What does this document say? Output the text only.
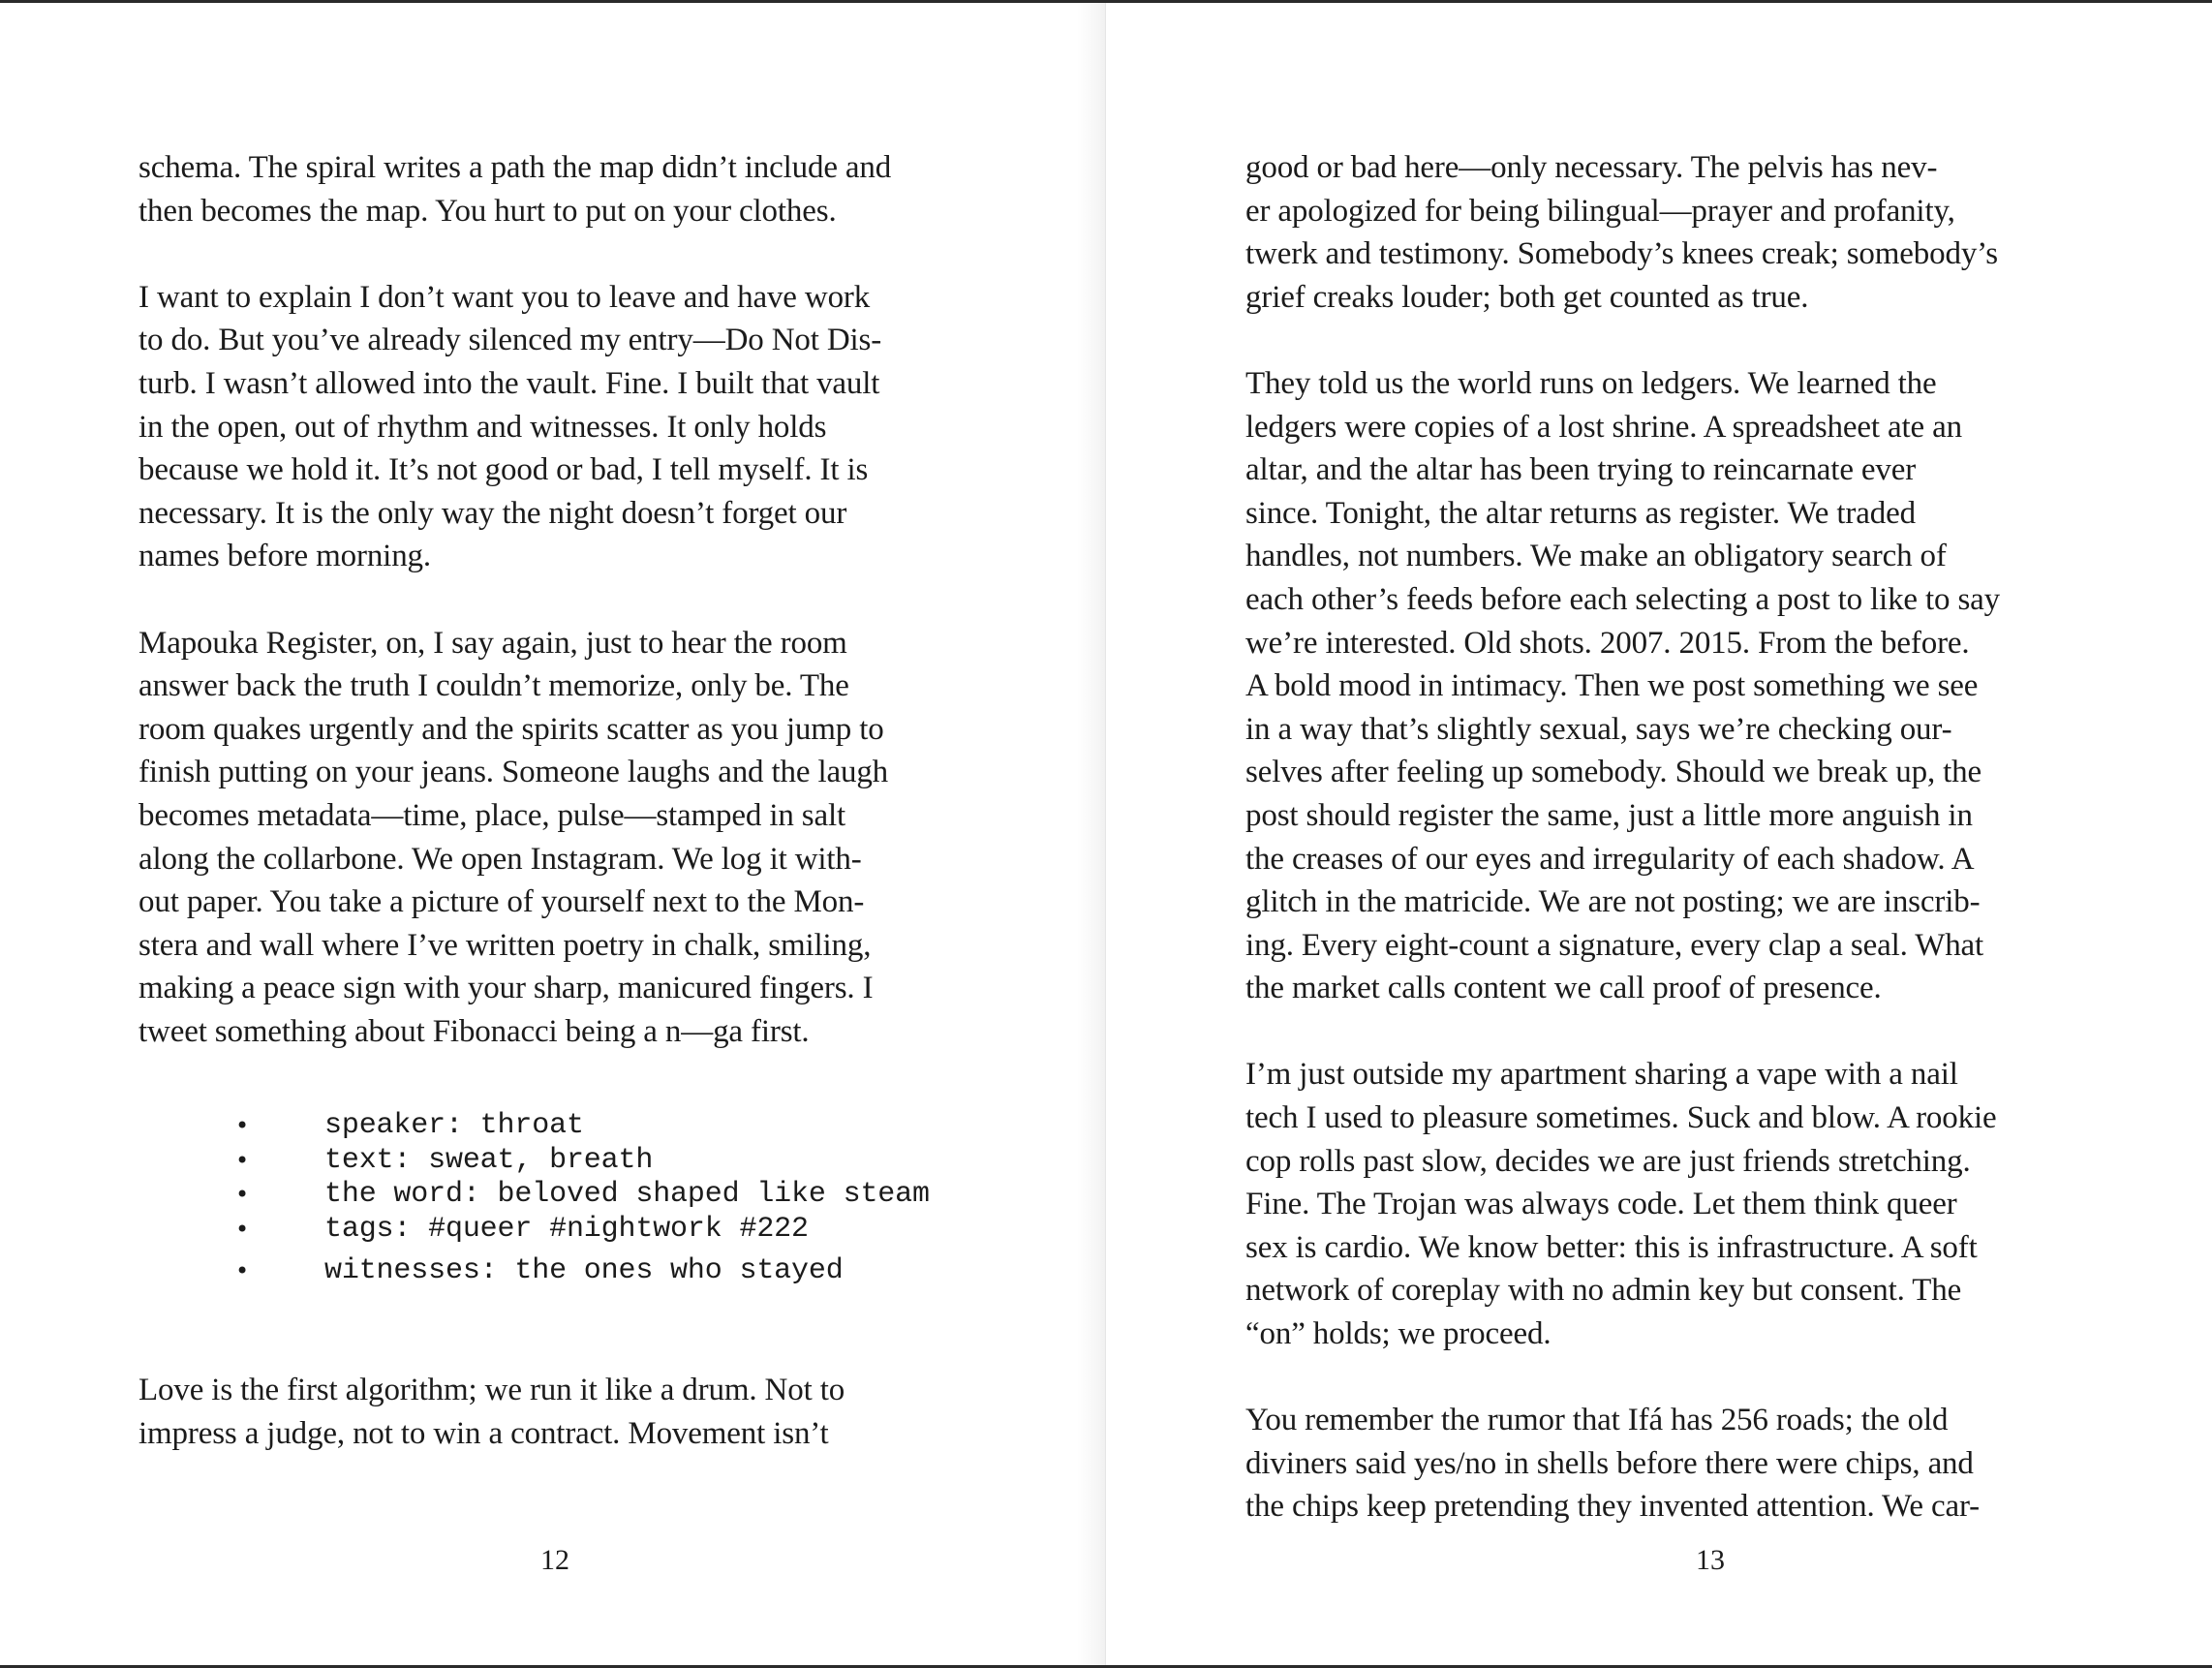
schema. The spiral writes a path the map didn’t include and
then becomes the map. You hurt to put on your clothes.

I want to explain I don’t want you to leave and have work
to do. But you’ve already silenced my entry—Do Not Dis-
turb. I wasn’t allowed into the vault. Fine. I built that vault
in the open, out of rhythm and witnesses. It only holds
because we hold it. It’s not good or bad, I tell myself. It is
necessary. It is the only way the night doesn’t forget our
names before morning.

Mapouka Register, on, I say again, just to hear the room
answer back the truth I couldn’t memorize, only be. The
room quakes urgently and the spirits scatter as you jump to
finish putting on your jeans. Someone laughs and the laugh
becomes metadata—time, place, pulse—stamped in salt
along the collarbone. We open Instagram. We log it with-
out paper. You take a picture of yourself next to the Mon-
stera and wall where I’ve written poetry in chalk, smiling,
making a peace sign with your sharp, manicured fingers. I
tweet something about Fibonacci being a n—ga first.

•	speaker: throat
•	text: sweat, breath
•	the word: beloved shaped like steam
•	tags: #queer #nightwork #222
•	witnesses: the ones who stayed

Love is the first algorithm; we run it like a drum. Not to
impress a judge, not to win a contract. Movement isn’t

12

good or bad here—only necessary. The pelvis has nev-
er apologized for being bilingual—prayer and profanity,
twerk and testimony. Somebody’s knees creak; somebody’s
grief creaks louder; both get counted as true.

They told us the world runs on ledgers. We learned the
ledgers were copies of a lost shrine. A spreadsheet ate an
altar, and the altar has been trying to reincarnate ever
since. Tonight, the altar returns as register. We traded
handles, not numbers. We make an obligatory search of
each other’s feeds before each selecting a post to like to say
we’re interested. Old shots. 2007. 2015. From the before.
A bold mood in intimacy. Then we post something we see
in a way that’s slightly sexual, says we’re checking our-
selves after feeling up somebody. Should we break up, the
post should register the same, just a little more anguish in
the creases of our eyes and irregularity of each shadow. A
glitch in the matricide. We are not posting; we are inscrib-
ing. Every eight-count a signature, every clap a seal. What
the market calls content we call proof of presence.

I’m just outside my apartment sharing a vape with a nail
tech I used to pleasure sometimes. Suck and blow. A rookie
cop rolls past slow, decides we are just friends stretching.
Fine. The Trojan was always code. Let them think queer
sex is cardio. We know better: this is infrastructure. A soft
network of coreplay with no admin key but consent. The
“on” holds; we proceed.

You remember the rumor that Ifá has 256 roads; the old
diviners said yes/no in shells before there were chips, and
the chips keep pretending they invented attention. We car-

13
